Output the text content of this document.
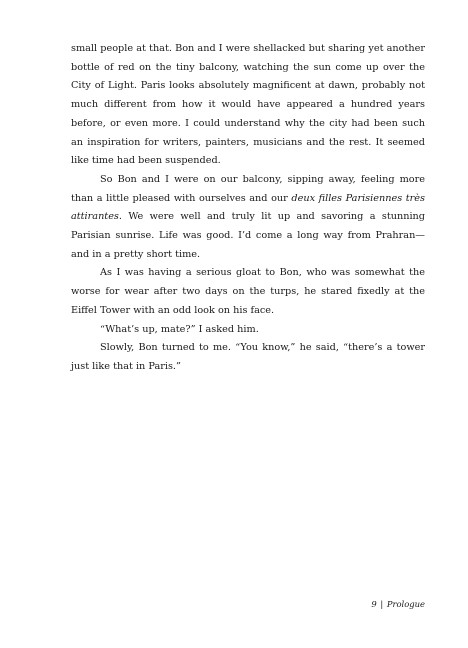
small people at that. Bon and I were shellacked but sharing yet another bottle of red on the tiny balcony, watching the sun come up over the City of Light. Paris looks absolutely magnificent at dawn, probably not much different from how it would have appeared a hundred years before, or even more. I could understand why the city had been such an inspiration for writers, painters, musicians and the rest. It seemed like time had been suspended.

So Bon and I were on our balcony, sipping away, feeling more than a little pleased with ourselves and our deux filles Parisiennes très attirantes. We were well and truly lit up and savoring a stunning Parisian sunrise. Life was good. I’d come a long way from Prahran—and in a pretty short time.

As I was having a serious gloat to Bon, who was somewhat the worse for wear after two days on the turps, he stared fixedly at the Eiffel Tower with an odd look on his face.

“What’s up, mate?” I asked him.

Slowly, Bon turned to me. “You know,” he said, “there’s a tower just like that in Paris.”

9 | Prologue
